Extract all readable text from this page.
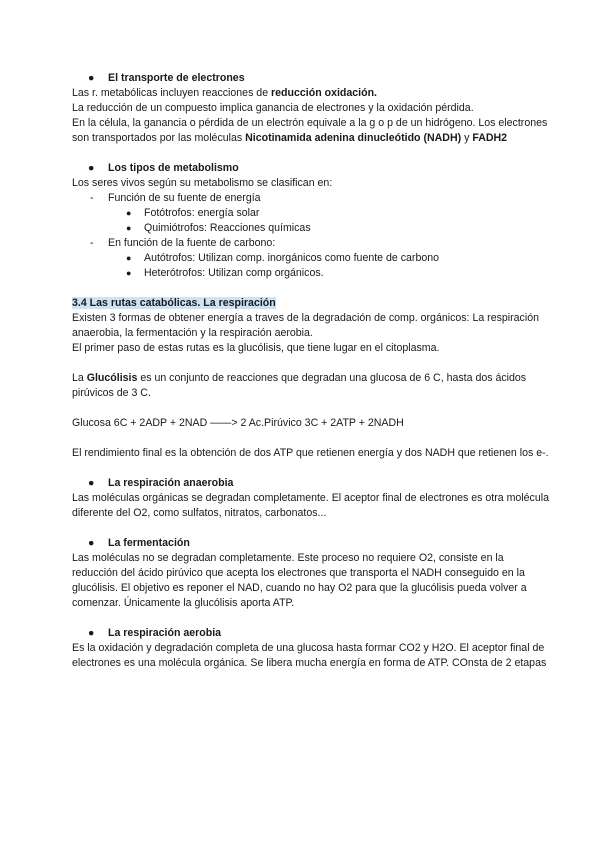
● El transporte de electrones

Las r. metabólicas incluyen reacciones de reducción oxidación.

La reducción de un compuesto implica ganancia de electrones y la oxidación pérdida.

En la célula, la ganancia o pérdida de un electrón equivale a la g o p de un hidrógeno. Los electrones

son transportados por las moléculas Nicotinamida adenina dinucleótido (NADH) y FADH2

● Los tipos de metabolismo

Los seres vivos según su metabolismo se clasifican en:

- Función de su fuente de energía

● Fotótrofos: energía solar

● Quimiótrofos: Reacciones químicas

- En función de la fuente de carbono:

● Autótrofos: Utilizan comp. inorgánicos como fuente de carbono

● Heterótrofos: Utilizan comp orgánicos.

3.4 Las rutas catabólicas. La respiración

Existen 3 formas de obtener energía a traves de la degradación de comp. orgánicos: La respiración

anaerobia, la fermentación y la respiración aerobia.

El primer paso de estas rutas es la glucólisis, que tiene lugar en el citoplasma.

La Glucólisis es un conjunto de reacciones que degradan una glucosa de 6 C, hasta dos ácidos

pirúvicos de 3 C.

Glucosa 6C + 2ADP + 2NAD ——> 2 Ac.Pirúvico 3C + 2ATP + 2NADH

El rendimiento final es la obtención de dos ATP que retienen energía y dos NADH que retienen los e-.

● La respiración anaerobia

Las moléculas orgánicas se degradan completamente. El aceptor final de electrones es otra molécula

diferente del O2, como sulfatos, nitratos, carbonatos...

● La fermentación

Las moléculas no se degradan completamente. Este proceso no requiere O2, consiste en la

reducción del ácido pirúvico que acepta los electrones que transporta el NADH conseguido en la

glucólisis. El objetivo es reponer el NAD, cuando no hay O2 para que la glucólisis pueda volver a

comenzar. Únicamente la glucólisis aporta ATP.

● La respiración aerobia

Es la oxidación y degradación completa de una glucosa hasta formar CO2 y H2O. El aceptor final de

electrones es una molécula orgánica. Se libera mucha energía en forma de ATP. COnsta de 2 etapas
